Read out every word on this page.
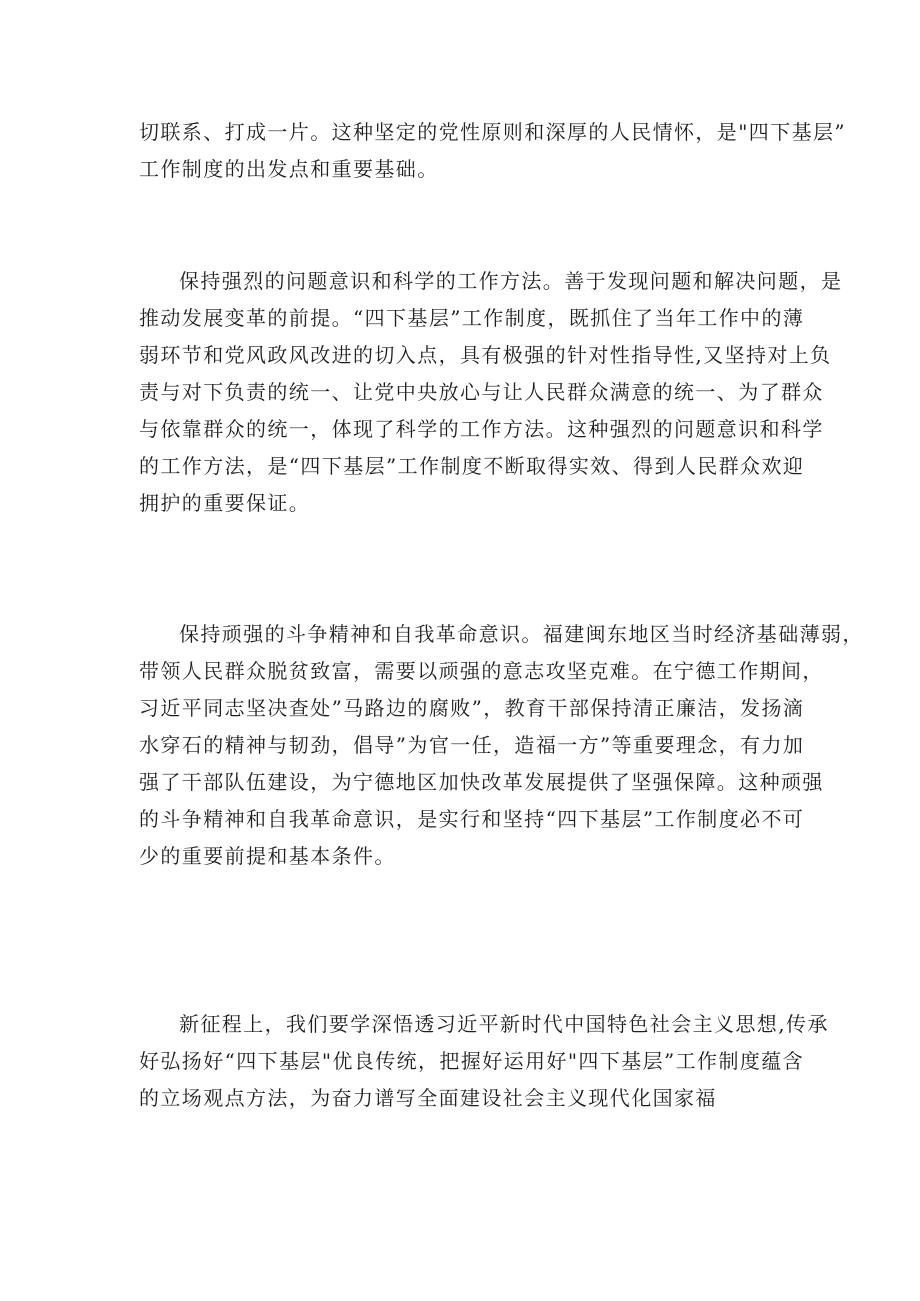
切联系、打成一片。这种坚定的党性原则和深厚的人民情怀，是"四下基层”
工作制度的出发点和重要基础。
保持强烈的问题意识和科学的工作方法。善于发现问题和解决问题，是
推动发展变革的前提。“四下基层”工作制度，既抓住了当年工作中的薄
弱环节和党风政风改进的切入点，具有极强的针对性指导性,又坚持对上负
责与对下负责的统一、让党中央放心与让人民群众满意的统一、为了群众
与依靠群众的统一，体现了科学的工作方法。这种强烈的问题意识和科学
的工作方法，是“四下基层”工作制度不断取得实效、得到人民群众欢迎
拥护的重要保证。
保持顽强的斗争精神和自我革命意识。福建闽东地区当时经济基础薄弱，
带领人民群众脱贫致富，需要以顽强的意志攻坚克难。在宁德工作期间，
习近平同志坚决查处”马路边的腐败”，教育干部保持清正廉洁，发扬滴
水穿石的精神与韧劲，倡导”为官一任，造福一方”等重要理念，有力加
强了干部队伍建设，为宁德地区加快改革发展提供了坚强保障。这种顽强
的斗争精神和自我革命意识，是实行和坚持“四下基层”工作制度必不可
少的重要前提和基本条件。
新征程上，我们要学深悟透习近平新时代中国特色社会主义思想,传承
好弘扬好“四下基层"优良传统，把握好运用好"四下基层”工作制度蕴含
的立场观点方法，为奋力谱写全面建设社会主义现代化国家福
